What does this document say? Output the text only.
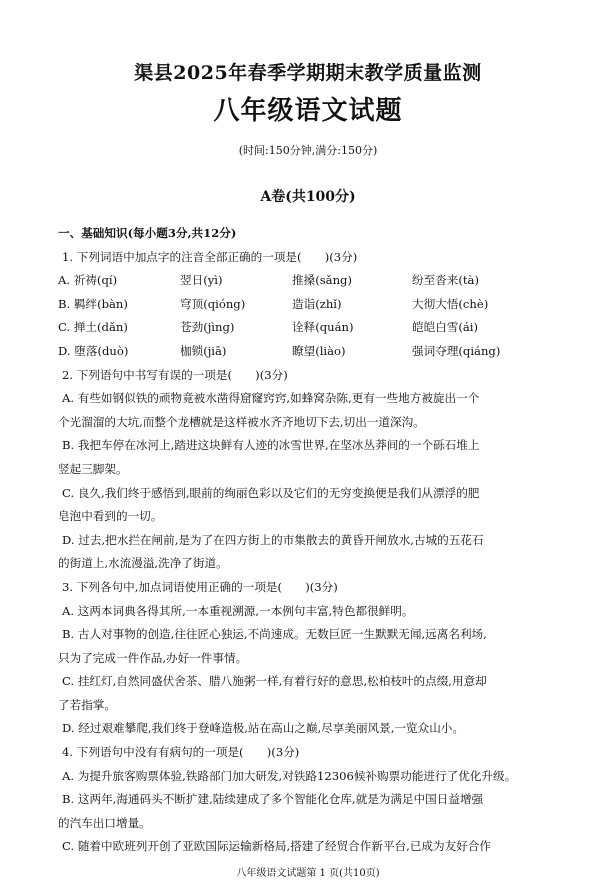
渠县2025年春季学期期末教学质量监测
八年级语文试题
(时间:150分钟,满分:150分)
A卷(共100分)
一、基础知识(每小题3分,共12分)
1. 下列词语中加点字的注音全部正确的一项是(　　)(3分)
A. 祈祷(qí)	翌日(yì)	推搡(sǎng)	纷至沓来(tà)
B. 羁绊(bàn)	穹顶(qióng)	造诣(zhǐ)	大彻大悟(chè)
C. 掸土(dǎn)	苍劲(jìng)	诠释(quán)	皑皑白雪(ái)
D. 堕落(duò)	枷锁(jiā)	瞭望(liào)	强词夺理(qiáng)
2. 下列语句中书写有误的一项是(　　)(3分)
A. 有些如钢似铁的顽物竟被水凿得窟窿窍窍,如蜂窝杂陈,更有一些地方被旋出一个
个光溜溜的大坑,而整个龙槽就是这样被水齐齐地切下去,切出一道深沟。
B. 我把车停在冰河上,踏进这块鲜有人迹的冰雪世界,在坚冰丛莽间的一个砾石堆上
竖起三脚架。
C. 良久,我们终于感悟到,眼前的绚丽色彩以及它们的无穷变换便是我们从漂浮的肥
皂泡中看到的一切。
D. 过去,把水拦在闸前,是为了在四方街上的市集散去的黄昏开闸放水,古城的五花石
的街道上,水流漫溢,洗净了街道。
3. 下列各句中,加点词语使用正确的一项是(　　)(3分)
A. 这两本词典各得其所,一本重视溯源,一本例句丰富,特色都很鲜明。
B. 古人对事物的创造,往往匠心独运,不尚速成。无数巨匠一生默默无闻,远离名利场,
只为了完成一件作品,办好一件事情。
C. 挂红灯,自然同盛伏舍茶、腊八施粥一样,有着行好的意思,松柏枝叶的点缀,用意却
了若指掌。
D. 经过艰难攀爬,我们终于登峰造极,站在高山之巅,尽享美丽风景,一览众山小。
4. 下列语句中没有有病句的一项是(　　)(3分)
A. 为提升旅客购票体验,铁路部门加大研发,对铁路12306候补购票功能进行了优化升级。
B. 这两年,海通码头不断扩建,陆续建成了多个智能化仓库,就是为满足中国日益增强
的汽车出口增量。
C. 随着中欧班列开创了亚欧国际运输新格局,搭建了经贸合作新平台,已成为友好合作
八年级语文试题第 1 页(共10页)
